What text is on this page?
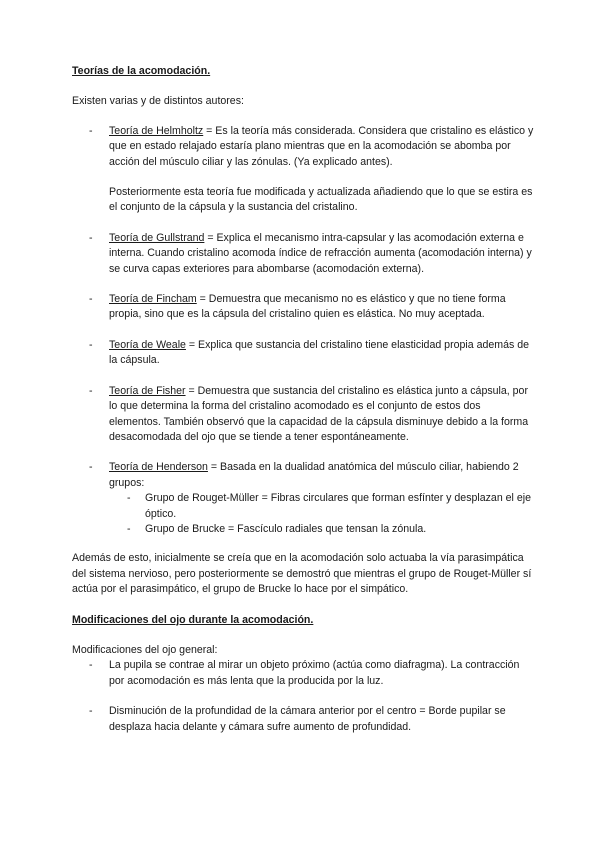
Teorías de la acomodación.

Existen varias y de distintos autores:

- Teoría de Helmholtz = Es la teoría más considerada. Considera que cristalino es elástico y que en estado relajado estaría plano mientras que en la acomodación se abomba por acción del músculo ciliar y las zónulas. (Ya explicado antes).

Posteriormente esta teoría fue modificada y actualizada añadiendo que lo que se estira es el conjunto de la cápsula y la sustancia del cristalino.

- Teoría de Gullstrand = Explica el mecanismo intra-capsular y las acomodación externa e interna. Cuando cristalino acomoda índice de refracción aumenta (acomodación interna) y se curva capas exteriores para abombarse (acomodación externa).
- Teoría de Fincham = Demuestra que mecanismo no es elástico y que no tiene forma propia, sino que es la cápsula del cristalino quien es elástica. No muy aceptada.
- Teoría de Weale = Explica que sustancia del cristalino tiene elasticidad propia además de la cápsula.
- Teoría de Fisher = Demuestra que sustancia del cristalino es elástica junto a cápsula, por lo que determina la forma del cristalino acomodado es el conjunto de estos dos elementos. También observó que la capacidad de la cápsula disminuye debido a la forma desacomodada del ojo que se tiende a tener espontáneamente.
- Teoría de Henderson = Basada en la dualidad anatómica del músculo ciliar, habiendo 2 grupos:
- Grupo de Rouget-Müller = Fibras circulares que forman esfínter y desplazan el eje óptico.
- Grupo de Brucke = Fascículo radiales que tensan la zónula.

Además de esto, inicialmente se creía que en la acomodación solo actuaba la vía parasimpática del sistema nervioso, pero posteriormente se demostró que mientras el grupo de Rouget-Müller sí actúa por el parasimpático, el grupo de Brucke lo hace por el simpático.

Modificaciones del ojo durante la acomodación.

Modificaciones del ojo general:

- La pupila se contrae al mirar un objeto próximo (actúa como diafragma). La contracción por acomodación es más lenta que la producida por la luz.
- Disminución de la profundidad de la cámara anterior por el centro = Borde pupilar se desplaza hacia delante y cámara sufre aumento de profundidad.
